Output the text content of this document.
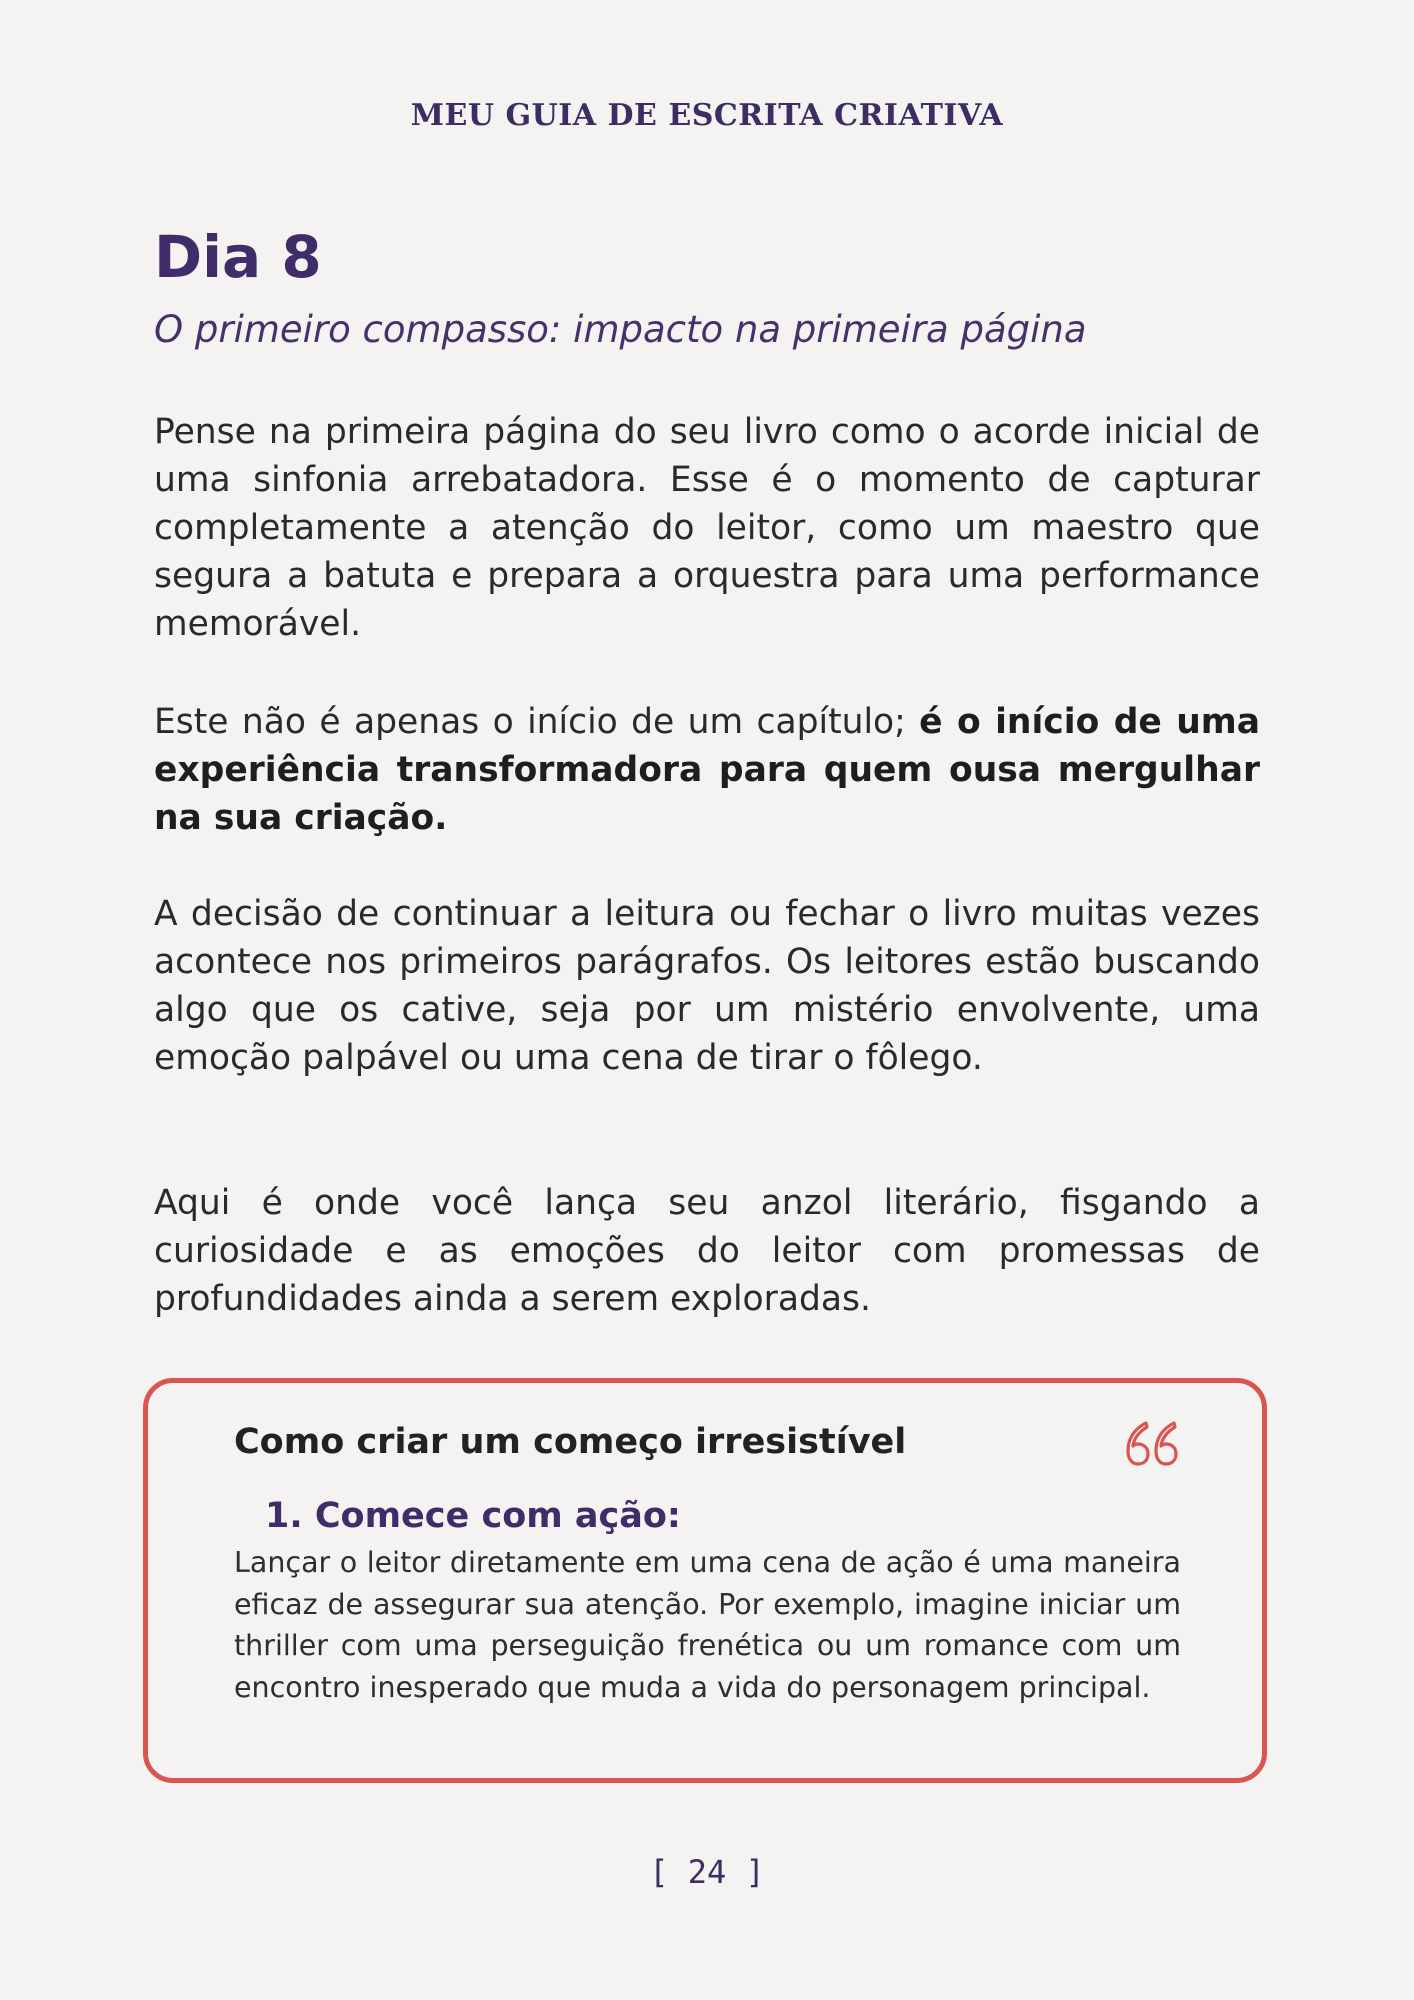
MEU GUIA DE ESCRITA CRIATIVA
Dia 8
O primeiro compasso: impacto na primeira página

Pense na primeira página do seu livro como o acorde inicial de uma sinfonia arrebatadora. Esse é o momento de capturar completamente a atenção do leitor, como um maestro que segura a batuta e prepara a orquestra para uma performance memorável.

Este não é apenas o início de um capítulo; é o início de uma experiência transformadora para quem ousa mergulhar na sua criação.

A decisão de continuar a leitura ou fechar o livro muitas vezes acontece nos primeiros parágrafos. Os leitores estão buscando algo que os cative, seja por um mistério envolvente, uma emoção palpável ou uma cena de tirar o fôlego.

Aqui é onde você lança seu anzol literário, fisgando a curiosidade e as emoções do leitor com promessas de profundidades ainda a serem exploradas.

Como criar um começo irresistível
1. Comece com ação:

Lançar o leitor diretamente em uma cena de ação é uma maneira eficaz de assegurar sua atenção. Por exemplo, imagine iniciar um thriller com uma perseguição frenética ou um romance com um encontro inesperado que muda a vida do personagem principal.

[ 24 ]
